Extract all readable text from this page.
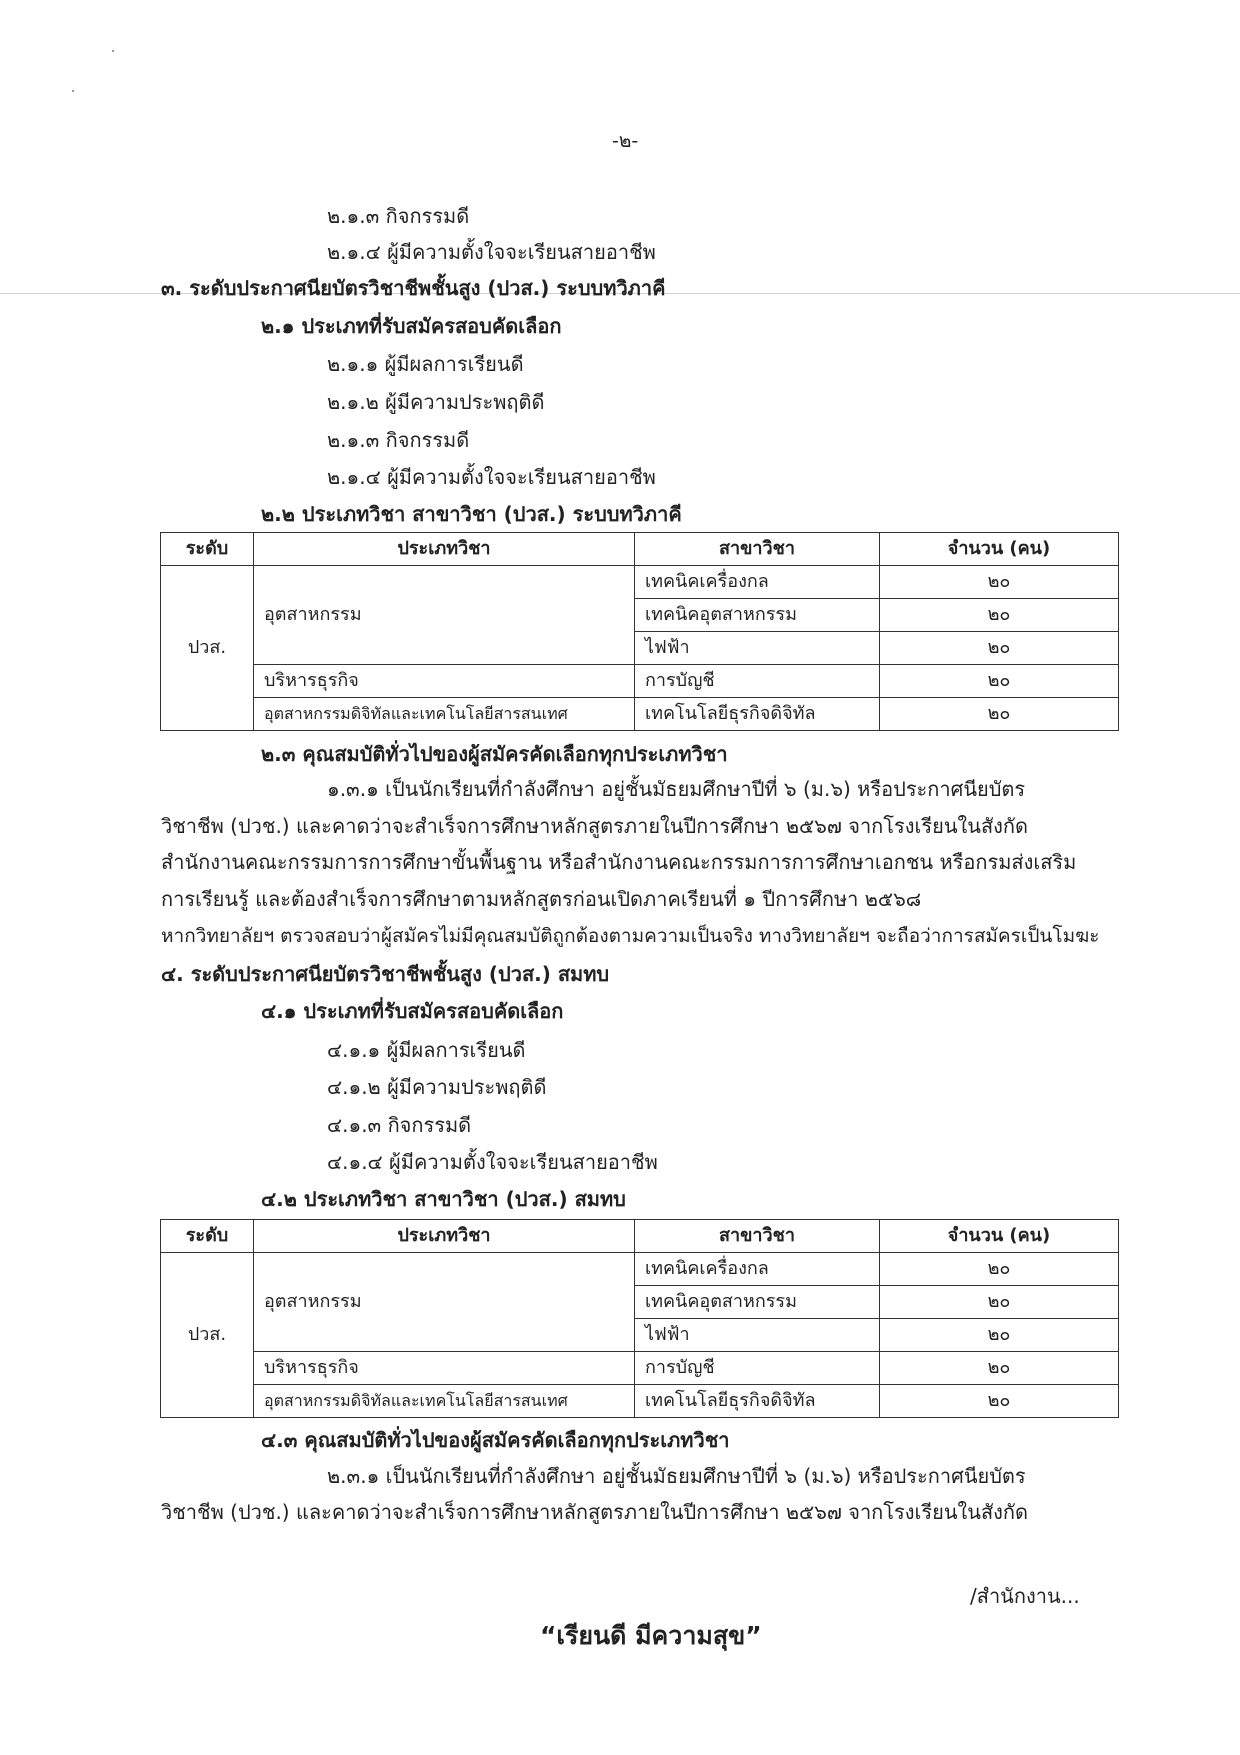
-๒-
๒.๑.๓ กิจกรรมดี
๒.๑.๔ ผู้มีความตั้งใจจะเรียนสายอาชีพ
๓. ระดับประกาศนียบัตรวิชาชีพชั้นสูง (ปวส.) ระบบทวิภาคี
๒.๑ ประเภทที่รับสมัครสอบคัดเลือก
๒.๑.๑ ผู้มีผลการเรียนดี
๒.๑.๒ ผู้มีความประพฤติดี
๒.๑.๓ กิจกรรมดี
๒.๑.๔ ผู้มีความตั้งใจจะเรียนสายอาชีพ
๒.๒ ประเภทวิชา สาขาวิชา (ปวส.) ระบบทวิภาคี
ระดับ	ประเภทวิชา	สาขาวิชา	จำนวน (คน)
ปวส.	อุตสาหกรรม	เทคนิคเครื่องกล	๒๐
		เทคนิคอุตสาหกรรม	๒๐
		ไฟฟ้า	๒๐
	บริหารธุรกิจ	การบัญชี	๒๐
	อุตสาหกรรมดิจิทัลและเทคโนโลยีสารสนเทศ	เทคโนโลยีธุรกิจดิจิทัล	๒๐
๒.๓ คุณสมบัติทั่วไปของผู้สมัครคัดเลือกทุกประเภทวิชา
๑.๓.๑ เป็นนักเรียนที่กำลังศึกษา อยู่ชั้นมัธยมศึกษาปีที่ ๖ (ม.๖) หรือประกาศนียบัตร
วิชาชีพ (ปวช.) และคาดว่าจะสำเร็จการศึกษาหลักสูตรภายในปีการศึกษา ๒๕๖๗ จากโรงเรียนในสังกัด
สำนักงานคณะกรรมการการศึกษาขั้นพื้นฐาน หรือสำนักงานคณะกรรมการการศึกษาเอกชน หรือกรมส่งเสริม
การเรียนรู้ และต้องสำเร็จการศึกษาตามหลักสูตรก่อนเปิดภาคเรียนที่ ๑ ปีการศึกษา ๒๕๖๘
หากวิทยาลัยฯ ตรวจสอบว่าผู้สมัครไม่มีคุณสมบัติถูกต้องตามความเป็นจริง ทางวิทยาลัยฯ จะถือว่าการสมัครเป็นโมฆะ
๔. ระดับประกาศนียบัตรวิชาชีพชั้นสูง (ปวส.) สมทบ
๔.๑ ประเภทที่รับสมัครสอบคัดเลือก
๔.๑.๑ ผู้มีผลการเรียนดี
๔.๑.๒ ผู้มีความประพฤติดี
๔.๑.๓ กิจกรรมดี
๔.๑.๔ ผู้มีความตั้งใจจะเรียนสายอาชีพ
๔.๒ ประเภทวิชา สาขาวิชา (ปวส.) สมทบ
ระดับ	ประเภทวิชา	สาขาวิชา	จำนวน (คน)
ปวส.	อุตสาหกรรม	เทคนิคเครื่องกล	๒๐
		เทคนิคอุตสาหกรรม	๒๐
		ไฟฟ้า	๒๐
	บริหารธุรกิจ	การบัญชี	๒๐
	อุตสาหกรรมดิจิทัลและเทคโนโลยีสารสนเทศ	เทคโนโลยีธุรกิจดิจิทัล	๒๐
๔.๓ คุณสมบัติทั่วไปของผู้สมัครคัดเลือกทุกประเภทวิชา
๒.๓.๑ เป็นนักเรียนที่กำลังศึกษา อยู่ชั้นมัธยมศึกษาปีที่ ๖ (ม.๖) หรือประกาศนียบัตร
วิชาชีพ (ปวช.) และคาดว่าจะสำเร็จการศึกษาหลักสูตรภายในปีการศึกษา ๒๕๖๗ จากโรงเรียนในสังกัด
/สำนักงาน...
“เรียนดี มีความสุข”
